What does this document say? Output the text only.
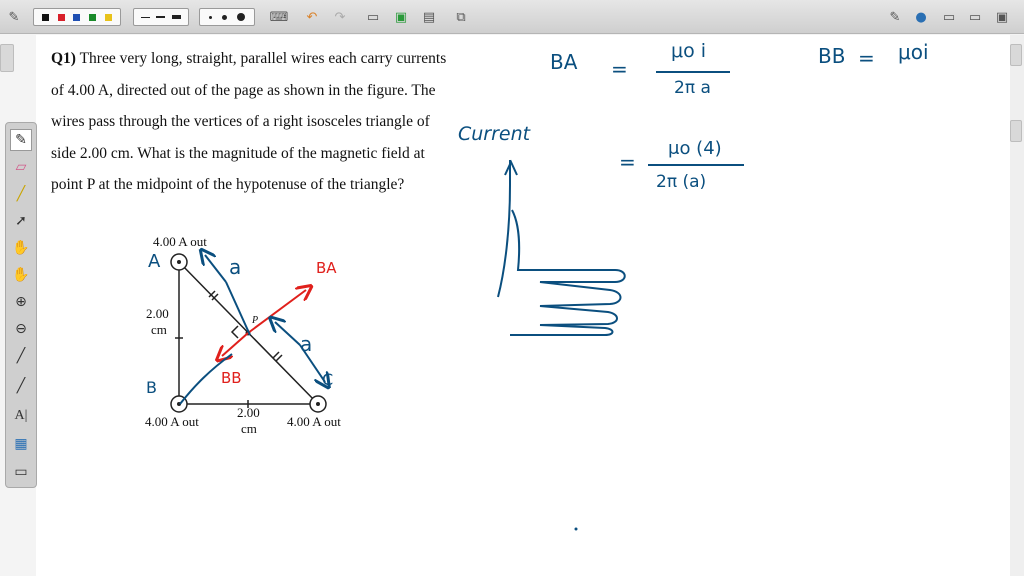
✎	⌨ ↶ ↷ ▭ ▣ ▤	⧉	✎ ● ▭ ▭ ▣
✎
▱
╱
➚
✋
✋
⊕
⊖
╱
╱
A|
▦
▭
Q1) Three very long, straight, parallel wires each carry currents of 4.00 A, directed out of the page as shown in the figure. The wires pass through the vertices of a right isosceles triangle of side 2.00 cm. What is the magnitude of the magnetic field at point P at the midpoint of the hypotenuse of the triangle?
4.00 A out
2.00
cm
2.00
cm
4.00 A out	4.00 A out
P
A
B	C
a
a
BA
BB
Current
BA =
μo i
2π a
BB = μoi
=
μo (4)
2π (a)
